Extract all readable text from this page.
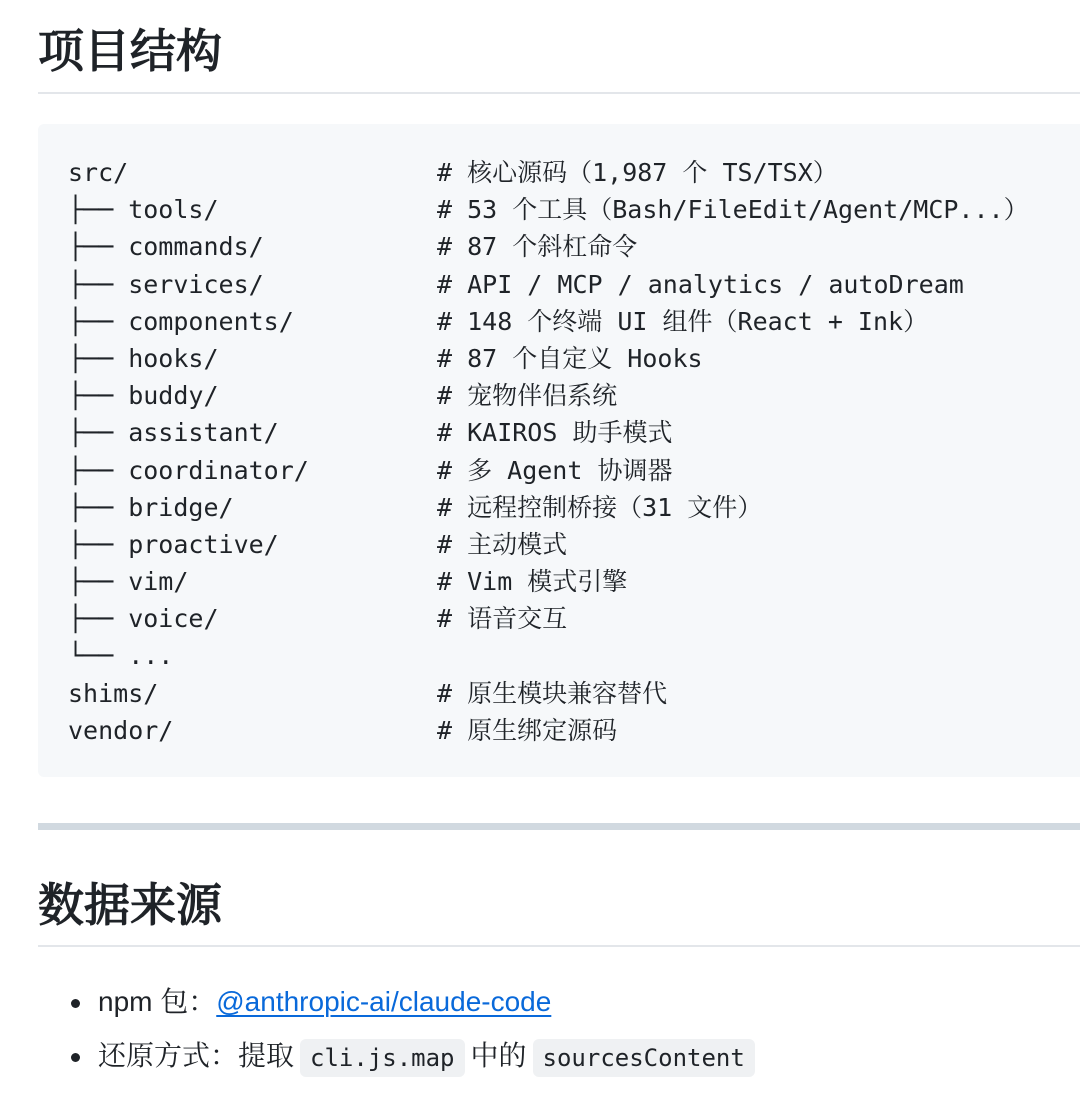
项目结构
src/	# 核心源码（1,987 个 TS/TSX）
├── tools/	# 53 个工具（Bash/FileEdit/Agent/MCP...）
├── commands/	# 87 个斜杠命令
├── services/	# API / MCP / analytics / autoDream
├── components/	# 148 个终端 UI 组件（React + Ink）
├── hooks/	# 87 个自定义 Hooks
├── buddy/	# 宠物伴侣系统
├── assistant/	# KAIROS 助手模式
├── coordinator/	# 多 Agent 协调器
├── bridge/	# 远程控制桥接（31 文件）
├── proactive/	# 主动模式
├── vim/	# Vim 模式引擎
├── voice/	# 语音交互
└── ...
shims/	# 原生模块兼容替代
vendor/	# 原生绑定源码
数据来源
npm 包：@anthropic-ai/claude-code
还原方式：提取 cli.js.map 中的 sourcesContent
